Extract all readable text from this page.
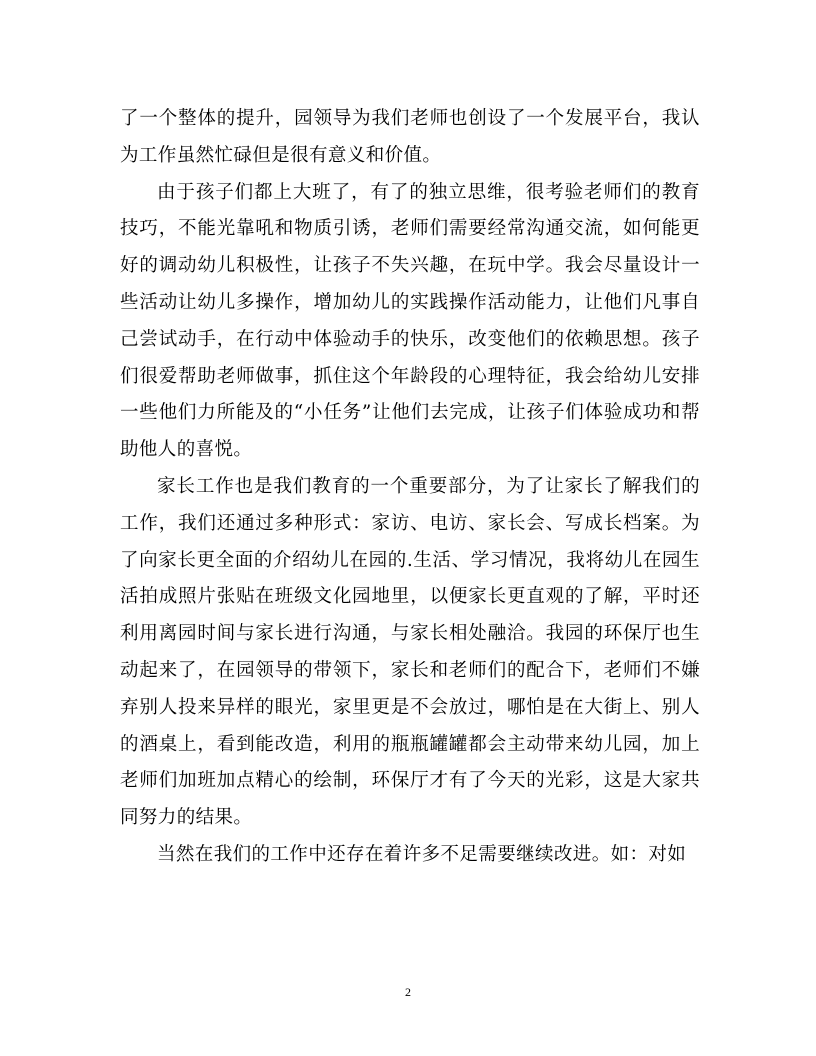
了一个整体的提升，园领导为我们老师也创设了一个发展平台，我认为工作虽然忙碌但是很有意义和价值。

由于孩子们都上大班了，有了的独立思维，很考验老师们的教育技巧，不能光靠吼和物质引诱，老师们需要经常沟通交流，如何能更好的调动幼儿积极性，让孩子不失兴趣，在玩中学。我会尽量设计一些活动让幼儿多操作，增加幼儿的实践操作活动能力，让他们凡事自己尝试动手，在行动中体验动手的快乐，改变他们的依赖思想。孩子们很爱帮助老师做事，抓住这个年龄段的心理特征，我会给幼儿安排一些他们力所能及的“小任务”让他们去完成，让孩子们体验成功和帮助他人的喜悦。

家长工作也是我们教育的一个重要部分，为了让家长了解我们的工作，我们还通过多种形式：家访、电访、家长会、写成长档案。为了向家长更全面的介绍幼儿在园的.生活、学习情况，我将幼儿在园生活拍成照片张贴在班级文化园地里，以便家长更直观的了解，平时还利用离园时间与家长进行沟通，与家长相处融洽。我园的环保厅也生动起来了，在园领导的带领下，家长和老师们的配合下，老师们不嫌弃别人投来异样的眼光，家里更是不会放过，哪怕是在大街上、别人的酒桌上，看到能改造，利用的瓶瓶罐罐都会主动带来幼儿园，加上老师们加班加点精心的绘制，环保厅才有了今天的光彩，这是大家共同努力的结果。

当然在我们的工作中还存在着许多不足需要继续改进。如：对如

2
